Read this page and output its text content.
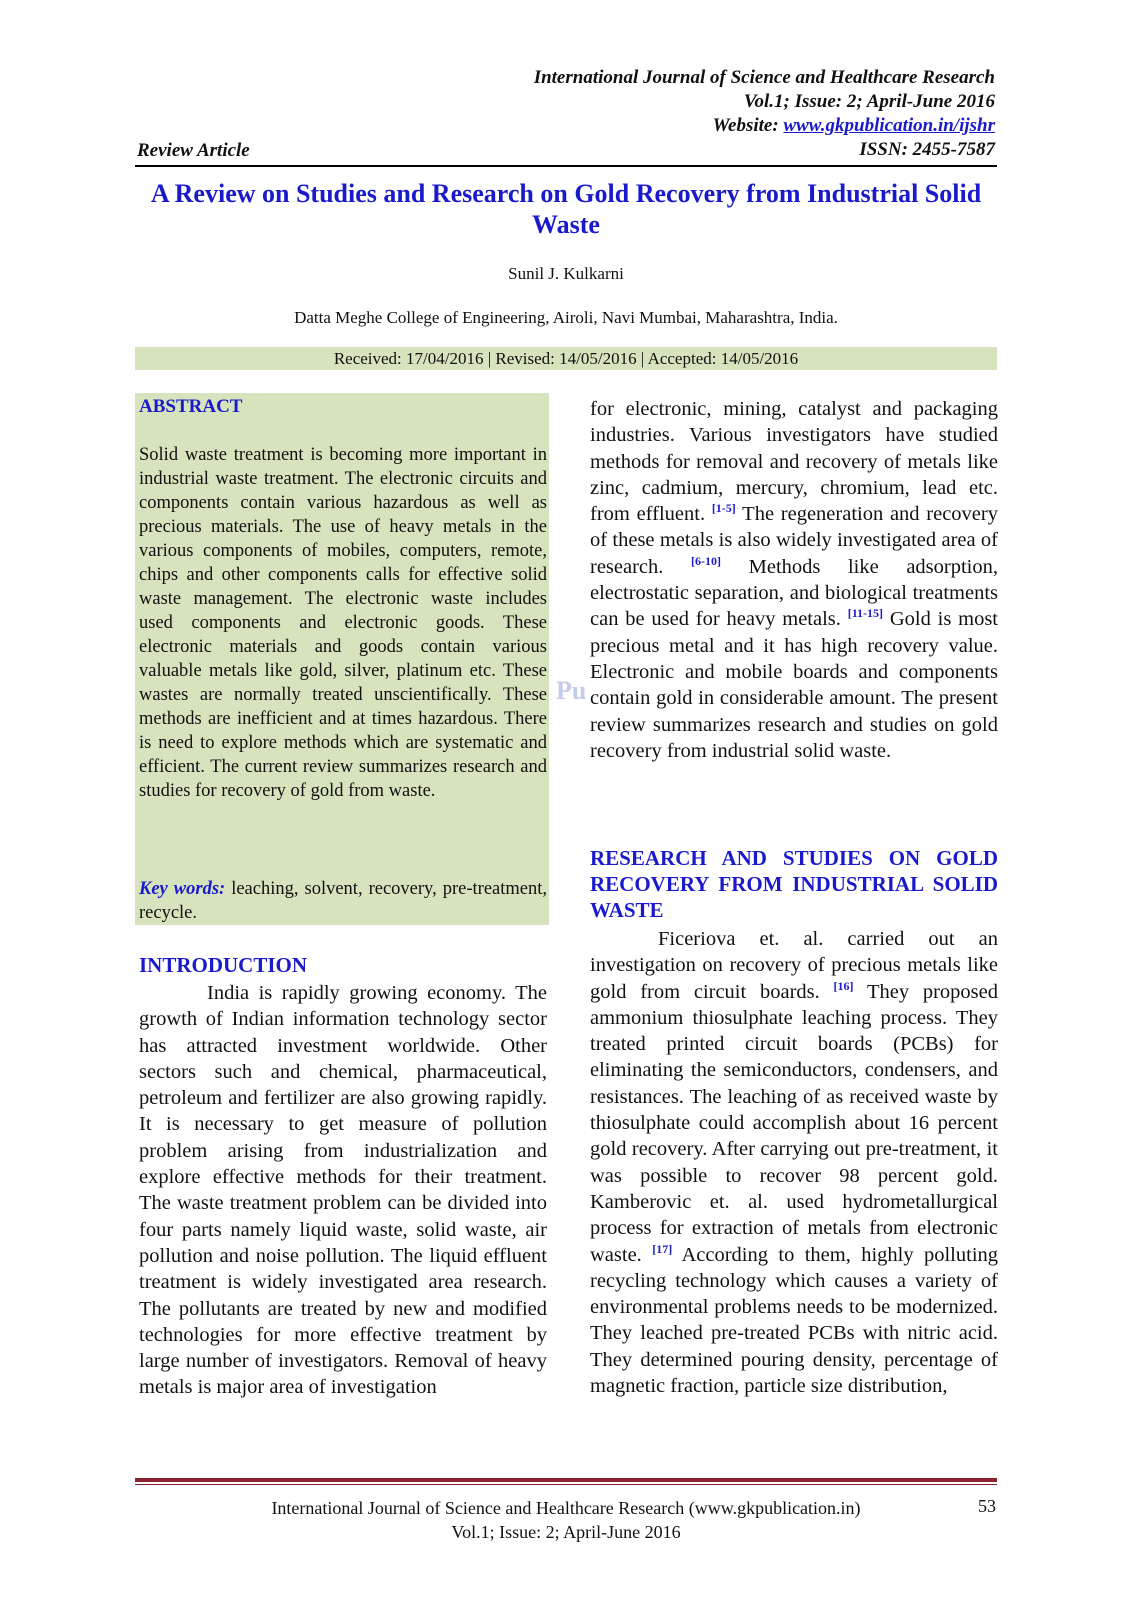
International Journal of Science and Healthcare Research
Vol.1; Issue: 2; April-June 2016
Website: www.gkpublication.in/ijshr
ISSN: 2455-7587
Review Article
A Review on Studies and Research on Gold Recovery from Industrial Solid Waste
Sunil J. Kulkarni
Datta Meghe College of Engineering, Airoli, Navi Mumbai, Maharashtra, India.
Received: 17/04/2016 | Revised: 14/05/2016 | Accepted: 14/05/2016
ABSTRACT
Solid waste treatment is becoming more important in industrial waste treatment. The electronic circuits and components contain various hazardous as well as precious materials. The use of heavy metals in the various components of mobiles, computers, remote, chips and other components calls for effective solid waste management. The electronic waste includes used components and electronic goods. These electronic materials and goods contain various valuable metals like gold, silver, platinum etc. These wastes are normally treated unscientifically. These methods are inefficient and at times hazardous. There is need to explore methods which are systematic and efficient. The current review summarizes research and studies for recovery of gold from waste.
Key words: leaching, solvent, recovery, pre-treatment, recycle.
Pu
INTRODUCTION
India is rapidly growing economy. The growth of Indian information technology sector has attracted investment worldwide. Other sectors such and chemical, pharmaceutical, petroleum and fertilizer are also growing rapidly. It is necessary to get measure of pollution problem arising from industrialization and explore effective methods for their treatment. The waste treatment problem can be divided into four parts namely liquid waste, solid waste, air pollution and noise pollution. The liquid effluent treatment is widely investigated area research. The pollutants are treated by new and modified technologies for more effective treatment by large number of investigators. Removal of heavy metals is major area of investigation
for electronic, mining, catalyst and packaging industries. Various investigators have studied methods for removal and recovery of metals like zinc, cadmium, mercury, chromium, lead etc. from effluent. [1-5] The regeneration and recovery of these metals is also widely investigated area of research. [6-10] Methods like adsorption, electrostatic separation, and biological treatments can be used for heavy metals. [11-15] Gold is most precious metal and it has high recovery value. Electronic and mobile boards and components contain gold in considerable amount. The present review summarizes research and studies on gold recovery from industrial solid waste.
RESEARCH AND STUDIES ON GOLD RECOVERY FROM INDUSTRIAL SOLID WASTE
Ficeriova et. al. carried out an investigation on recovery of precious metals like gold from circuit boards. [16] They proposed ammonium thiosulphate leaching process. They treated printed circuit boards (PCBs) for eliminating the semiconductors, condensers, and resistances. The leaching of as received waste by thiosulphate could accomplish about 16 percent gold recovery. After carrying out pre-treatment, it was possible to recover 98 percent gold. Kamberovic et. al. used hydrometallurgical process for extraction of metals from electronic waste. [17] According to them, highly polluting recycling technology which causes a variety of environmental problems needs to be modernized. They leached pre-treated PCBs with nitric acid. They determined pouring density, percentage of magnetic fraction, particle size distribution,
International Journal of Science and Healthcare Research (www.gkpublication.in)
Vol.1; Issue: 2; April-June 2016
53
